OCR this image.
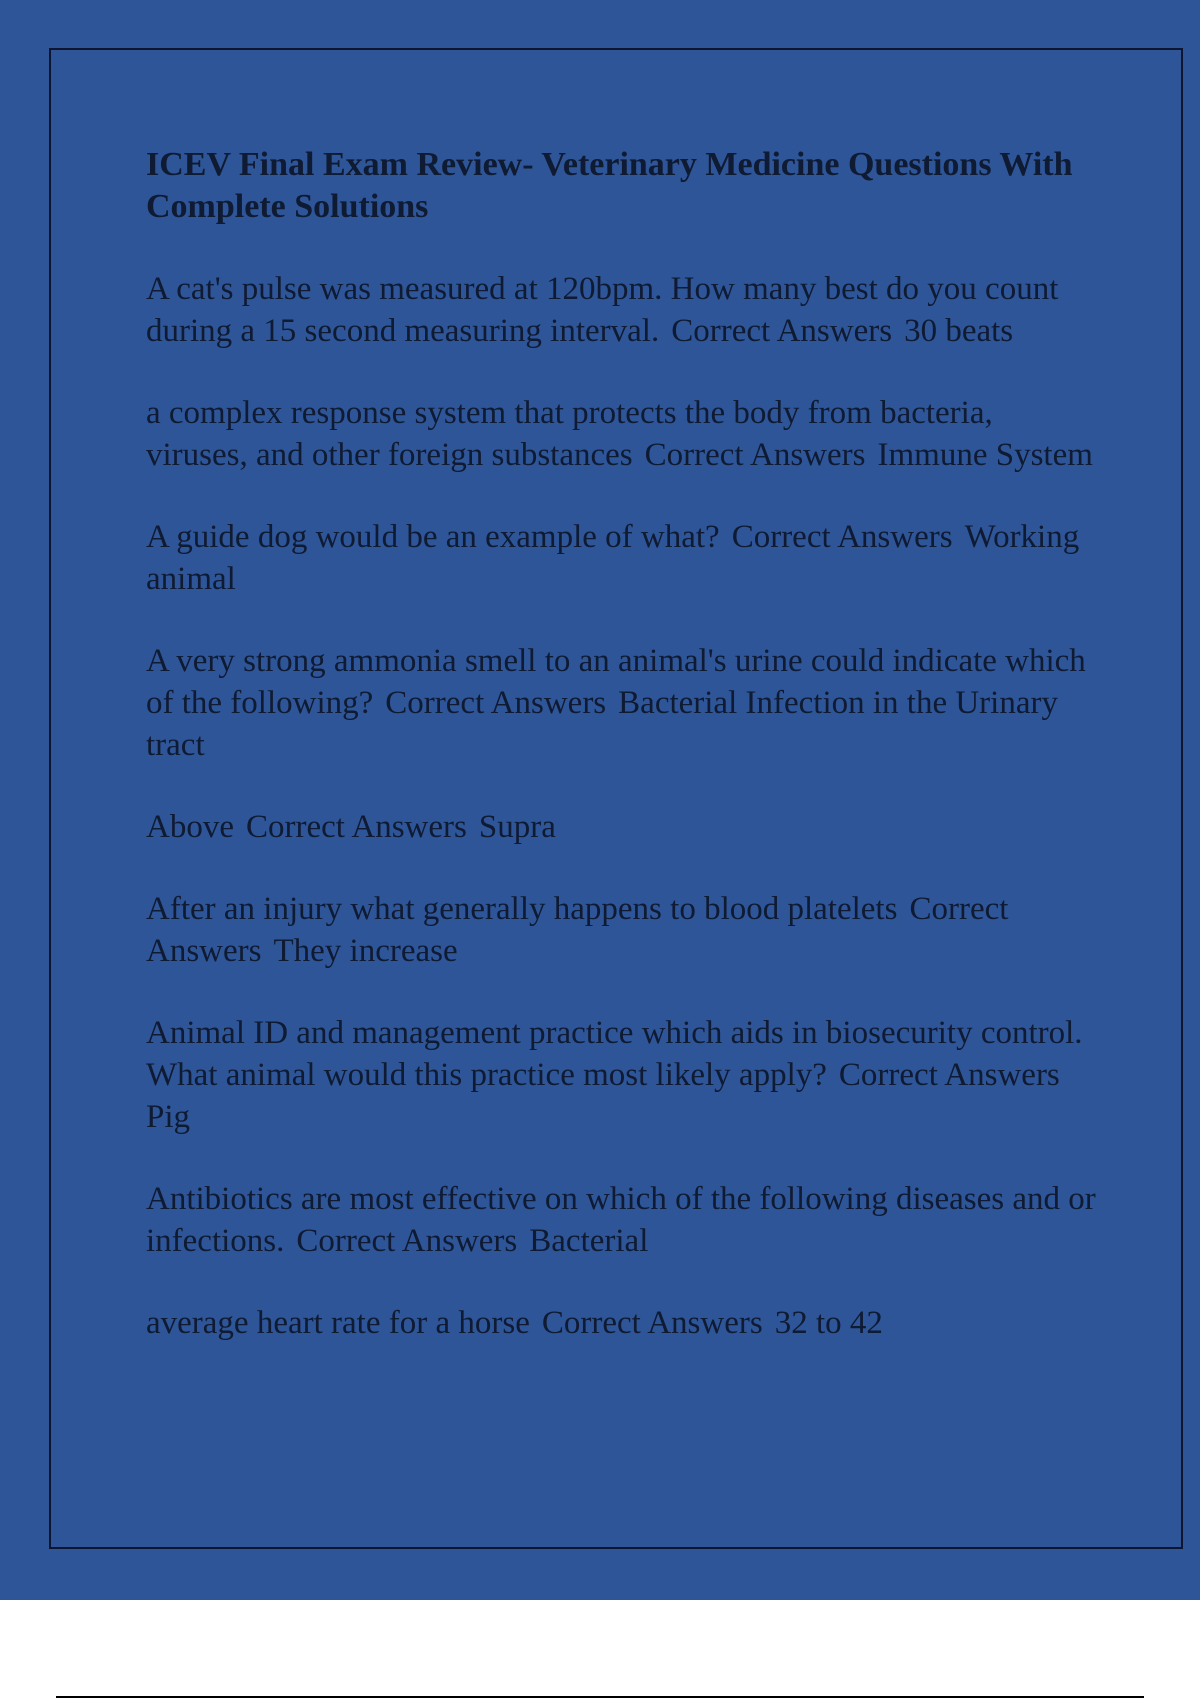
ICEV Final Exam Review- Veterinary Medicine Questions With Complete Solutions

A cat's pulse was measured at 120bpm. How many best do you count during a 15 second measuring interval. Correct Answers 30 beats

a complex response system that protects the body from bacteria, viruses, and other foreign substances Correct Answers Immune System

A guide dog would be an example of what? Correct Answers Working animal

A very strong ammonia smell to an animal's urine could indicate which of the following? Correct Answers Bacterial Infection in the Urinary tract

Above Correct Answers Supra

After an injury what generally happens to blood platelets Correct Answers They increase

Animal ID and management practice which aids in biosecurity control. What animal would this practice most likely apply? Correct AnswersPig

Antibiotics are most effective on which of the following diseases and or infections. Correct Answers Bacterial

average heart rate for a horse Correct Answers 32 to 42
